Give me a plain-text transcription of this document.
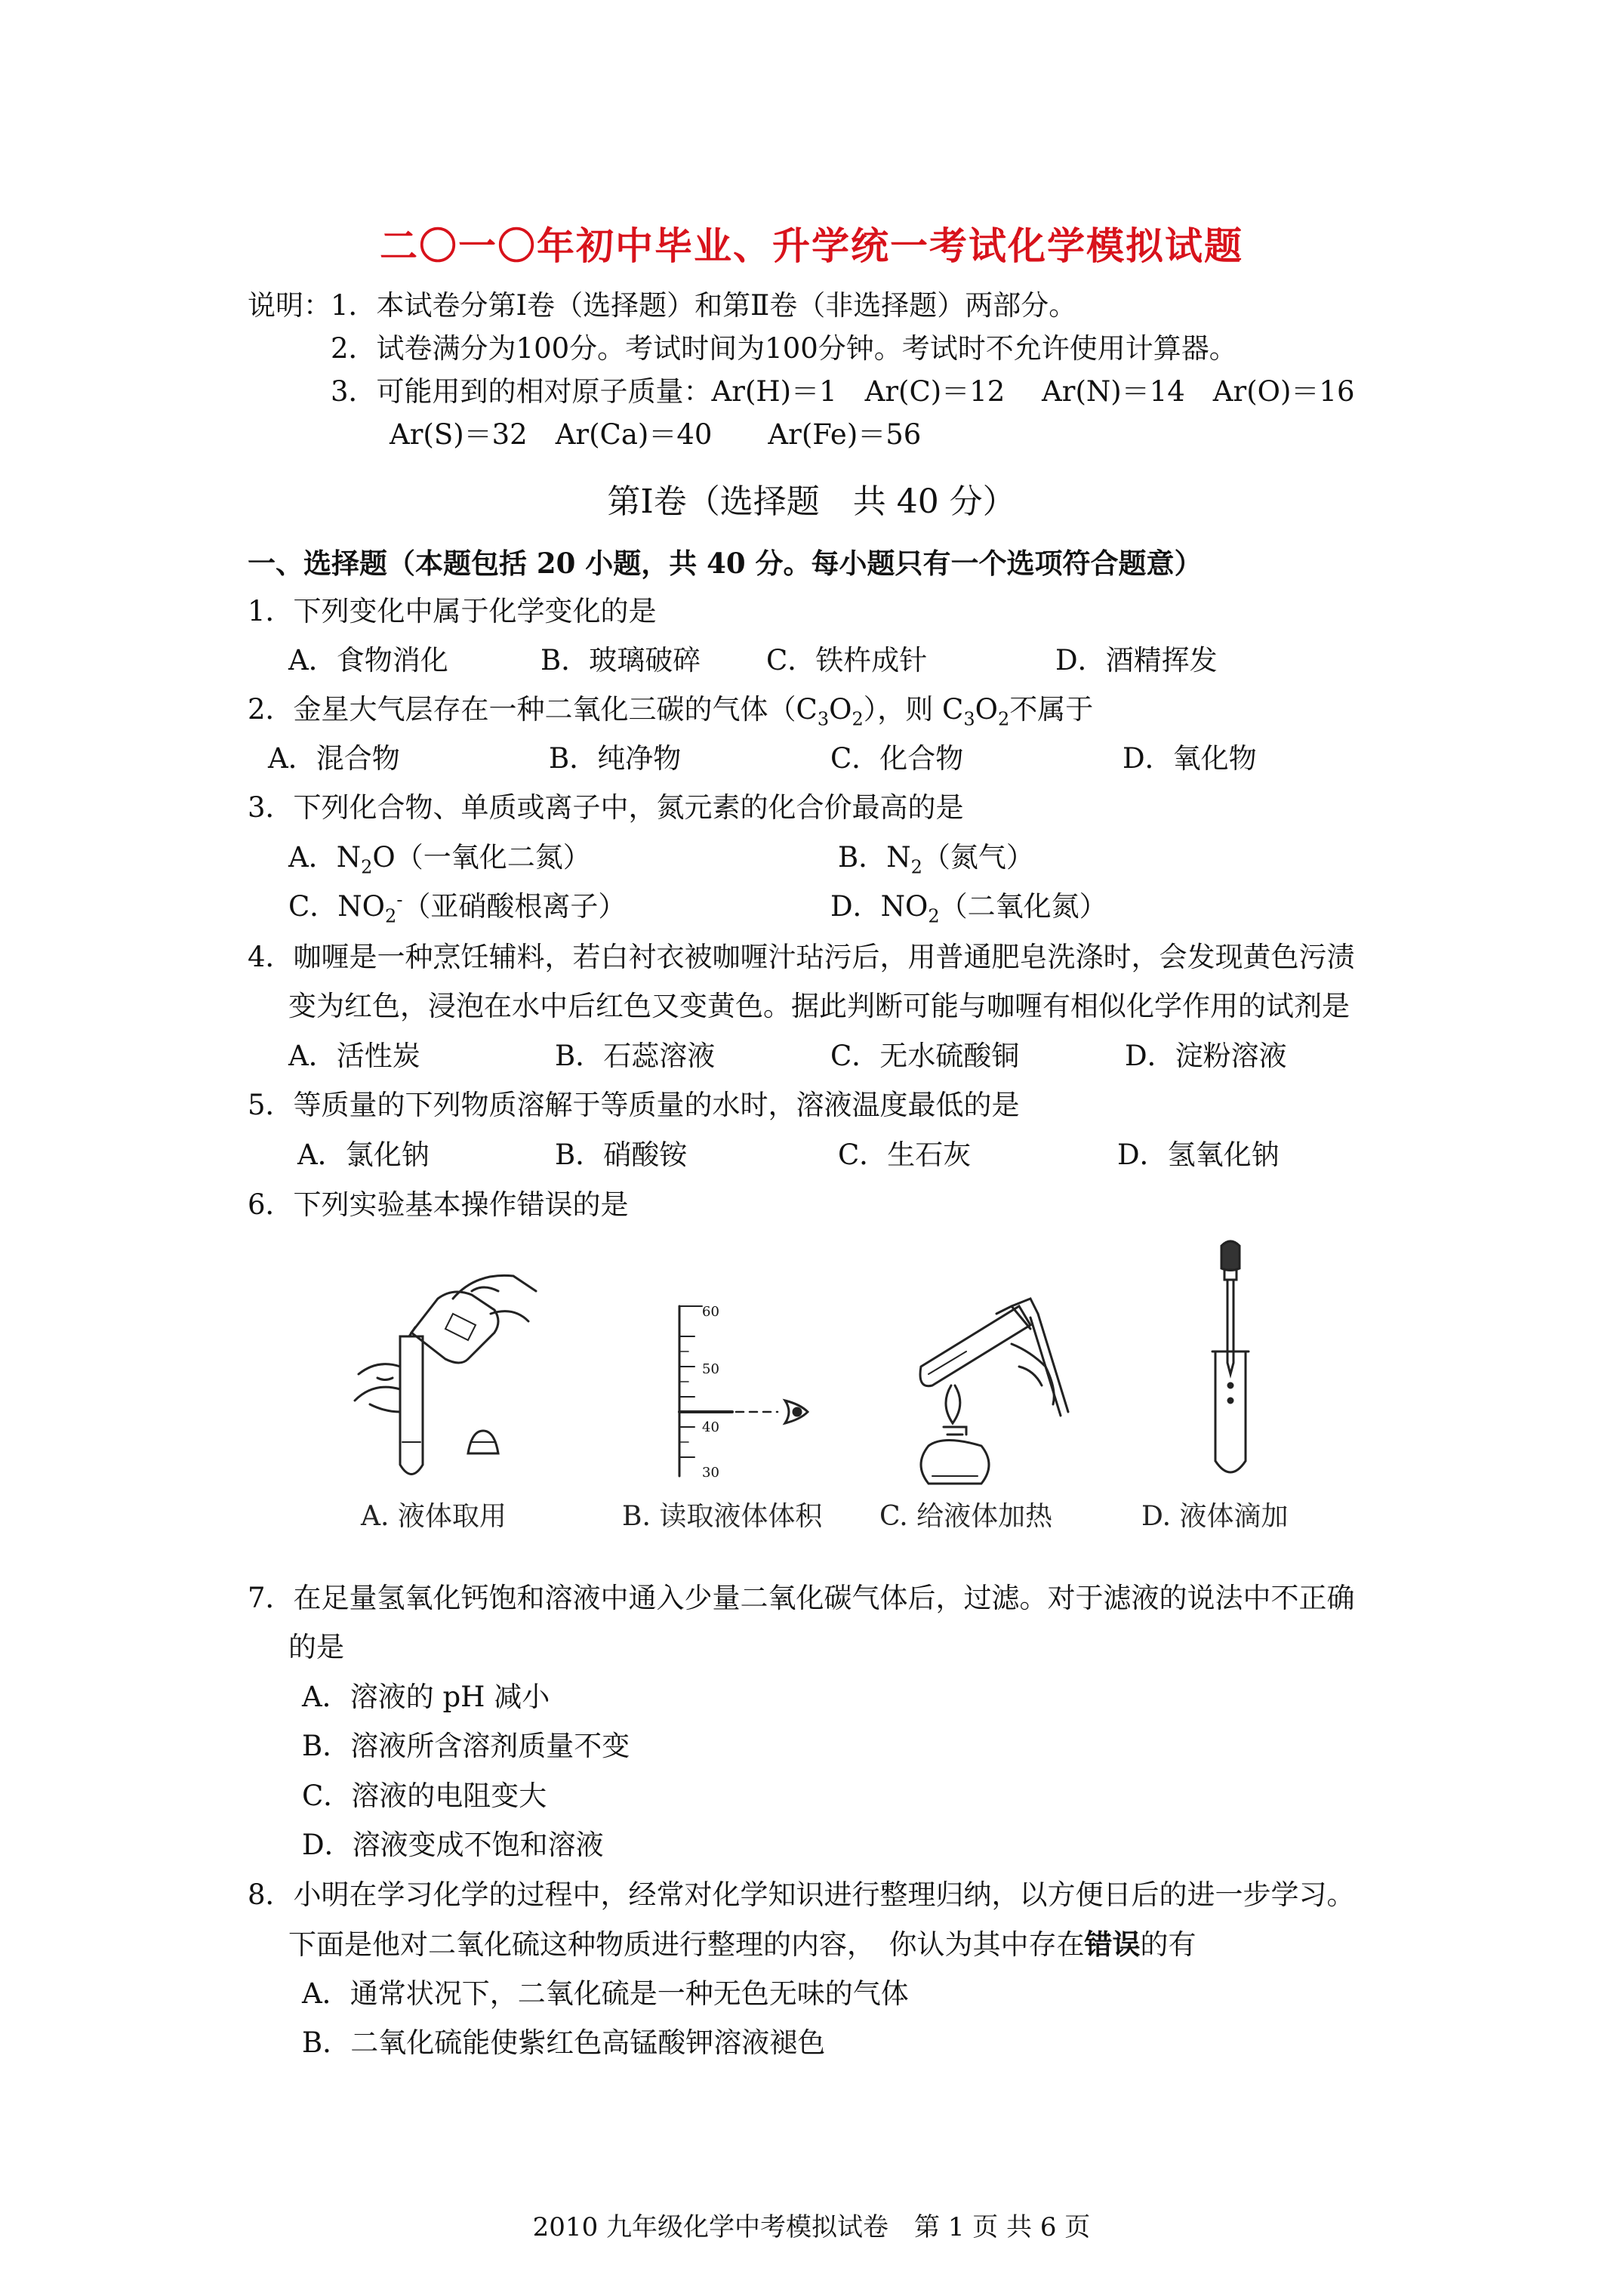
二〇一〇年初中毕业、升学统一考试化学模拟试题
说明： 1．本试卷分第Ⅰ卷（选择题）和第Ⅱ卷（非选择题）两部分。
2．试卷满分为100分。考试时间为100分钟。考试时不允许使用计算器。
3．可能用到的相对原子质量：Ar(H)＝1　Ar(C)＝12　 Ar(N)＝14　Ar(O)＝16
Ar(S)＝32　Ar(Ca)＝40　　Ar(Fe)＝56
第Ⅰ卷（选择题　共 40 分）
一、选择题（本题包括 20 小题，共 40 分。每小题只有一个选项符合题意）
1．下列变化中属于化学变化的是
A．食物消化	B．玻璃破碎 C．铁杵成针	D．酒精挥发
2．金星大气层存在一种二氧化三碳的气体$(C_3O_2)$，则 $C_3O_2$不属于
A．混合物	B．纯净物	C．化合物	D．氧化物
3．下列化合物、单质或离子中，氮元素的化合价最高的是
A．$N_2O$（一氧化二氮）	B．$N_2$（氮气）
C．$NO_2^-$（亚硝酸根离子）	D．$NO_2$（二氧化氮）
4．咖喱是一种烹饪辅料，若白衬衣被咖喱汁玷污后，用普通肥皂洗涤时，会发现黄色污渍
变为红色，浸泡在水中后红色又变黄色。据此判断可能与咖喱有相似化学作用的试剂是
A．活性炭	B．石蕊溶液	C．无水硫酸铜	D．淀粉溶液
5．等质量的下列物质溶解于等质量的水时，溶液温度最低的是
A．氯化钠	B．硝酸铵	C．生石灰	D．氢氧化钠
6．下列实验基本操作错误的是
A. 液体取用
60
50
40
30
B. 读取液体体积 C. 给液体加热	D. 液体滴加
7．在足量氢氧化钙饱和溶液中通入少量二氧化碳气体后，过滤。对于滤液的说法中不正确
的是
A．溶液的 pH 减小
B．溶液所含溶剂质量不变
C．溶液的电阻变大
D．溶液变成不饱和溶液
8．小明在学习化学的过程中，经常对化学知识进行整理归纳，以方便日后的进一步学习。
下面是他对二氧化硫这种物质进行整理的内容，　你认为其中存在错误的有
A．通常状况下，二氧化硫是一种无色无味的气体
B．二氧化硫能使紫红色高锰酸钾溶液褪色
2010 九年级化学中考模拟试卷　第 1 页 共 6 页
